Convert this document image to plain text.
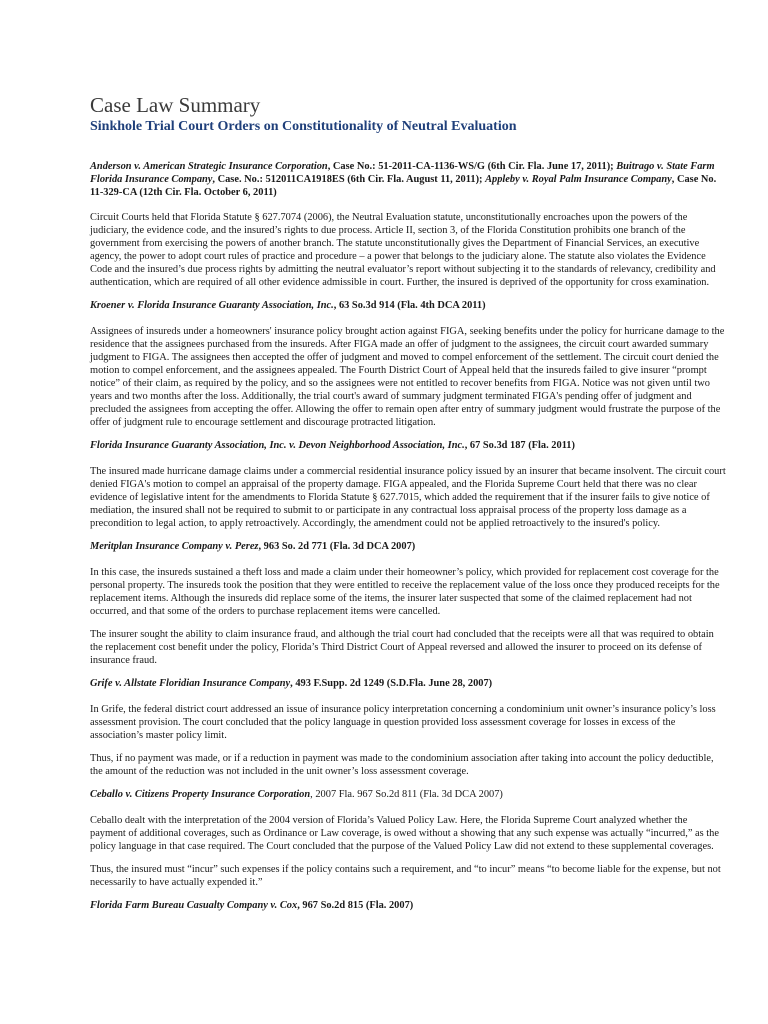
Case Law Summary
Sinkhole Trial Court Orders on Constitutionality of Neutral Evaluation
Anderson v. American Strategic Insurance Corporation, Case No.: 51-2011-CA-1136-WS/G (6th Cir. Fla. June 17, 2011); Buitrago v. State Farm
Florida Insurance Company, Case. No.: 512011CA1918ES (6th Cir. Fla. August 11, 2011); Appleby v. Royal Palm Insurance Company, Case No.
11-329-CA (12th Cir. Fla. October 6, 2011)
Circuit Courts held that Florida Statute § 627.7074 (2006), the Neutral Evaluation statute, unconstitutionally encroaches upon the powers of the
judiciary, the evidence code, and the insured’s rights to due process. Article II, section 3, of the Florida Constitution prohibits one branch of the
government from exercising the powers of another branch. The statute unconstitutionally gives the Department of Financial Services, an executive
agency, the power to adopt court rules of practice and procedure – a power that belongs to the judiciary alone. The statute also violates the Evidence
Code and the insured’s due process rights by admitting the neutral evaluator’s report without subjecting it to the standards of relevancy, credibility and
authentication, which are required of all other evidence admissible in court. Further, the insured is deprived of the opportunity for cross examination.
Kroener v. Florida Insurance Guaranty Association, Inc., 63 So.3d 914 (Fla. 4th DCA 2011)
Assignees of insureds under a homeowners' insurance policy brought action against FIGA, seeking benefits under the policy for hurricane damage to the
residence that the assignees purchased from the insureds. After FIGA made an offer of judgment to the assignees, the circuit court awarded summary
judgment to FIGA. The assignees then accepted the offer of judgment and moved to compel enforcement of the settlement. The circuit court denied the
motion to compel enforcement, and the assignees appealed. The Fourth District Court of Appeal held that the insureds failed to give insurer “prompt
notice” of their claim, as required by the policy, and so the assignees were not entitled to recover benefits from FIGA. Notice was not given until two
years and two months after the loss. Additionally, the trial court's award of summary judgment terminated FIGA's pending offer of judgment and
precluded the assignees from accepting the offer. Allowing the offer to remain open after entry of summary judgment would frustrate the purpose of the
offer of judgment rule to encourage settlement and discourage protracted litigation.
Florida Insurance Guaranty Association, Inc. v. Devon Neighborhood Association, Inc., 67 So.3d 187 (Fla. 2011)
The insured made hurricane damage claims under a commercial residential insurance policy issued by an insurer that became insolvent. The circuit court
denied FIGA's motion to compel an appraisal of the property damage. FIGA appealed, and the Florida Supreme Court held that there was no clear
evidence of legislative intent for the amendments to Florida Statute § 627.7015, which added the requirement that if the insurer fails to give notice of
mediation, the insured shall not be required to submit to or participate in any contractual loss appraisal process of the property loss damage as a
precondition to legal action, to apply retroactively. Accordingly, the amendment could not be applied retroactively to the insured's policy.
Meritplan Insurance Company v. Perez, 963 So. 2d 771 (Fla. 3d DCA 2007)
In this case, the insureds sustained a theft loss and made a claim under their homeowner’s policy, which provided for replacement cost coverage for the
personal property. The insureds took the position that they were entitled to receive the replacement value of the loss once they produced receipts for the
replacement items. Although the insureds did replace some of the items, the insurer later suspected that some of the claimed replacement had not
occurred, and that some of the orders to purchase replacement items were cancelled.
The insurer sought the ability to claim insurance fraud, and although the trial court had concluded that the receipts were all that was required to obtain
the replacement cost benefit under the policy, Florida’s Third District Court of Appeal reversed and allowed the insurer to proceed on its defense of
insurance fraud.
Grife v. Allstate Floridian Insurance Company, 493 F.Supp. 2d 1249 (S.D.Fla. June 28, 2007)
In Grife, the federal district court addressed an issue of insurance policy interpretation concerning a condominium unit owner’s insurance policy’s loss
assessment provision. The court concluded that the policy language in question provided loss assessment coverage for losses in excess of the
association’s master policy limit.
Thus, if no payment was made, or if a reduction in payment was made to the condominium association after taking into account the policy deductible,
the amount of the reduction was not included in the unit owner’s loss assessment coverage.
Ceballo v. Citizens Property Insurance Corporation, 2007 Fla. 967 So.2d 811 (Fla. 3d DCA 2007)
Ceballo dealt with the interpretation of the 2004 version of Florida’s Valued Policy Law. Here, the Florida Supreme Court analyzed whether the
payment of additional coverages, such as Ordinance or Law coverage, is owed without a showing that any such expense was actually “incurred,” as the
policy language in that case required. The Court concluded that the purpose of the Valued Policy Law did not extend to these supplemental coverages.
Thus, the insured must “incur” such expenses if the policy contains such a requirement, and “to incur” means “to become liable for the expense, but not
necessarily to have actually expended it.”
Florida Farm Bureau Casualty Company v. Cox, 967 So.2d 815 (Fla. 2007)
